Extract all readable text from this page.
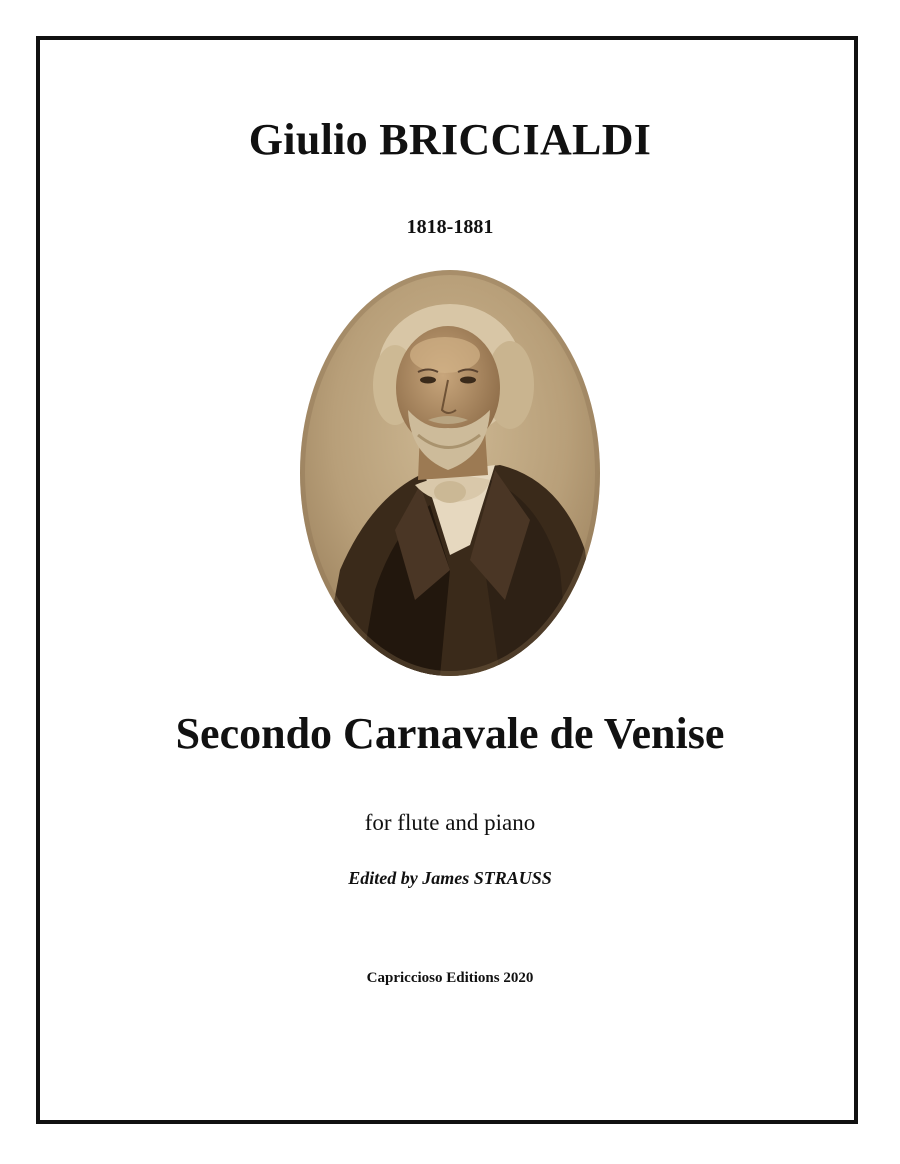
Giulio BRICCIALDI
1818-1881
Secondo Carnavale de Venise
for flute and piano
Edited by James STRAUSS
Capriccioso Editions 2020
